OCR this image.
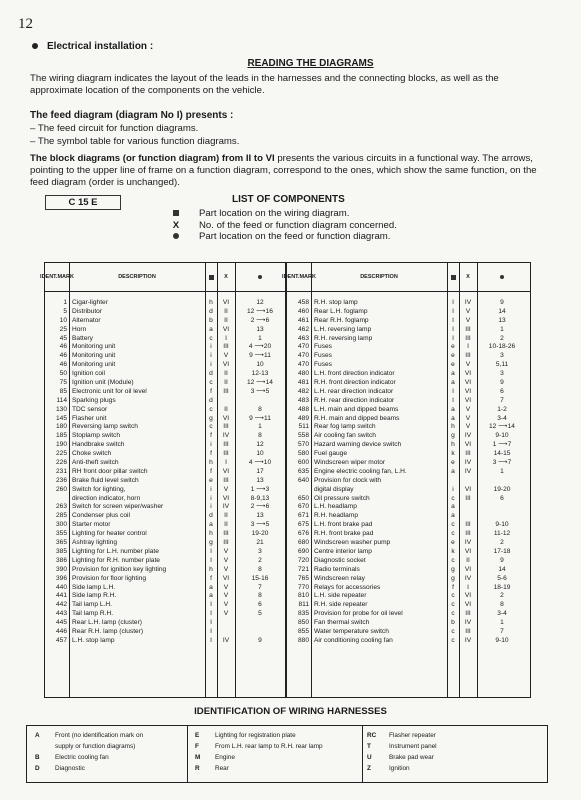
12
Electrical installation :
READING THE DIAGRAMS
The wiring diagram indicates the layout of the leads in the harnesses and the connecting blocks, as well as the approximate location of the components on the vehicle.
The feed diagram (diagram No I) presents :
– The feed circuit for function diagrams.
– The symbol table for various function diagrams.
The block diagrams (or function diagram) from II to VI presents the various circuits in a functional way. The arrows, pointing to the upper line of frame on a function diagram, correspond to the ones, which show the same function, on the feed diagram (order is unchanged).
C 15 E	LIST OF COMPONENTS
Part location on the wiring diagram.
X No. of the feed or function diagram concerned.
Part location on the feed or function diagram.
IDENT. MARK	DESCRIPTION	X
1 Cigar-lighter	h	VI	12
5 Distributor	d	II	12 ⟶16
10 Alternator	b	II	2 ⟶6
25 Horn	a	VI	13
45 Battery	c	I	1
46 Monitoring unit	i	III	4 ⟶20
46 Monitoring unit	i	V	9 ⟶11
46 Monitoring unit	i	VI	10
50 Ignition coil	d	II	12-13
75 Ignition unit (Module)	c	II	12 ⟶14
85 Electronic unit for oil level	f	III	3 ⟶5
114 Sparking plugs	d
130 TDC sensor	c	II	8
145 Flasher unit	g	VI	9 ⟶11
180 Reversing lamp switch	c	III	1
185 Stoplamp switch	f	IV	8
190 Handbrake switch	i	III	12
225 Choke switch	f	III	10
226 Anti-theft switch	h	I	4 ⟶10
231 RH front door pillar switch	f	VI	17
236 Brake fluid level switch	e	III	13
260 Switch for lighting,	i	V	1 ⟶3
direction indicator, horn	i	VI	8-9,13
263 Switch for screen wiper/washer	i	IV	2 ⟶6
285 Condenser plus coil	d	II	13
300 Starter motor	a	II	3 ⟶5
355 Lighting for heater control	h	III	19-20
365 Ashtray lighting	g	III	21
385 Lighting for L.H. number plate	I	V	3
386 Lighting for R.H. number plate	I	V	2
390 Provision for ignition key lighting	h	V	8
396 Provision for floor lighting	f	VI	15-16
440 Side lamp L.H.	a	V	7
441 Side lamp R.H.	a	V	8
442 Tail lamp L.H.	I	V	6
443 Tail lamp R.H.	I	V	5
445 Rear L.H. lamp (cluster)	I
446 Rear R.H. lamp (cluster)	I
457 L.H. stop lamp	I	IV	9
IDENT. MARK	DESCRIPTION	X
458 R.H. stop lamp	I	IV	9
460 Rear L.H. foglamp	I	V	14
461 Rear R.H. foglamp	I	V	13
462 L.H. reversing lamp	I	III	1
463 R.H. reversing lamp	I	III	2
470 Fuses	e	I	10-18-26
470 Fuses	e	III	3
470 Fuses	e	V	5,11
480 L.H. front direction indicator	a	VI	3
481 R.H. front direction indicator	a	VI	9
482 L.H. rear direction indicator	I	VI	6
483 R.H. rear direction indicator	I	VI	7
488 L.H. main and dipped beams	a	V	1-2
489 R.H. main and dipped beams	a	V	3-4
511 Rear fog lamp switch	h	V	12 ⟶14
558 Air cooling fan switch	g	IV	9-10
570 Hazard warning device switch	h	VI	1 ⟶7
580 Fuel gauge	k	III	14-15
600 Windscreen wiper motor	e	IV	3 ⟶7
635 Engine electric cooling fan, L.H.	a	IV	1
640 Provision for clock with
digital display	i	VI	19-20
650 Oil pressure switch	c	III	6
670 L.H. headlamp	a
671 R.H. headlamp	a
675 L.H. front brake pad	c	III	9-10
676 R.H. front brake pad	c	III	11-12
680 Windscreen washer pump	e	IV	2
690 Centre interior lamp	k	VI	17-18
720 Diagnostic socket	c	II	9
721 Radio terminals	g	VI	14
765 Windscreen relay	g	IV	5-6
770 Relays for accessories	f	I	18-19
810 L.H. side repeater	c	VI	2
811 R.H. side repeater	c	VI	8
835 Provision for probe for oil level	c	III	3-4
850 Fan thermal switch	b	IV	1
855 Water temperature switch	c	III	7
880 Air conditioning cooling fan	c	IV	9-10
IDENTIFICATION OF WIRING HARNESSES
A Front (no identification mark on
supply or function diagrams)
B Electric cooling fan
D Diagnostic
E Lighting for registration plate
F	From L.H. rear lamp to R.H. rear lamp
M Engine
R Rear
RC Flasher repeater
T	Instrument panel
U	Brake pad wear
Z	Ignition
